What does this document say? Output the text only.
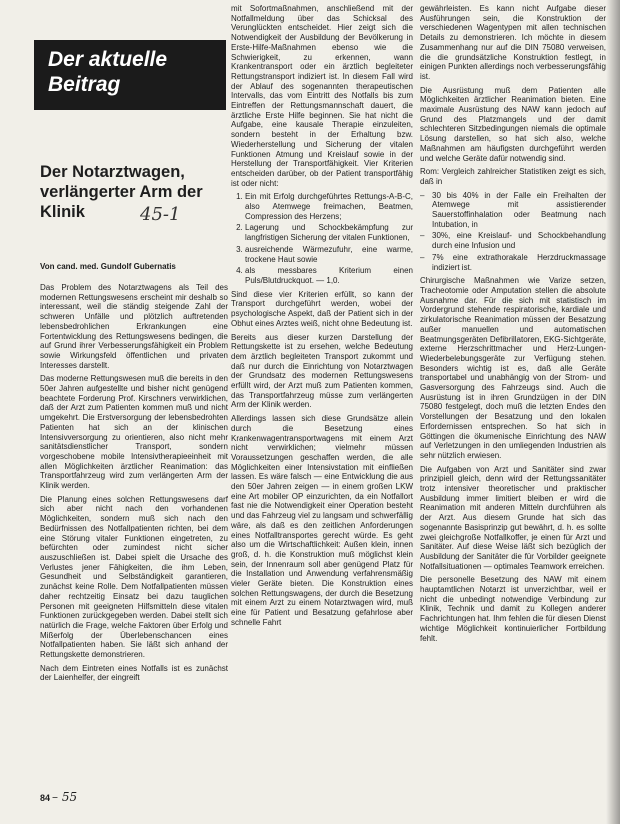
Der aktuelle
Beitrag
Der Notarztwagen, verlängerter Arm der Klinik	45-1
Von cand. med. Gundolf Gubernatis

Das Problem des Notarztwagens als Teil des modernen Rettungswesens erscheint mir deshalb so interessant, weil die ständig steigende Zahl der schweren Unfälle und plötzlich auftretenden lebensbedrohlichen Erkrankungen eine Fortentwicklung des Rettungswesens bedingen, die auf Grund ihrer Verbesserungsfähigkeit ein Problem sowie Wirkungsfeld öffentlichen und privaten Interesses darstellt.

Das moderne Rettungswesen muß die bereits in den 50er Jahren aufgestellte und bisher nicht genügend beachtete Forderung Prof. Kirschners verwirklichen, daß der Arzt zum Patienten kommen muß und nicht umgekehrt. Die Erstversorgung der lebensbedrohten Patienten hat sich an der klinischen Intensivversorgung zu orientieren, also nicht mehr sanitätsdienstlicher Transport, sondern vorgeschobene mobile Intensivtherapieeinheit mit allen Möglichkeiten ärztlicher Reanimation: das Transportfahrzeug wird zum verlängerten Arm der Klinik werden.

Die Planung eines solchen Rettungswesens darf sich aber nicht nach den vorhandenen Möglichkeiten, sondern muß sich nach den Bedürfnissen des Notfallpatienten richten, bei dem eine Störung vitaler Funktionen eingetreten, zu befürchten oder zumindest nicht sicher auszuschließen ist. Dabei spielt die Ursache des Verlustes jener Fähigkeiten, die ihm Leben, Gesundheit und Selbständigkeit garantieren, zunächst keine Rolle. Dem Notfallpatienten müssen daher rechtzeitig Einsatz bei dazu tauglichen Personen mit geeigneten Hilfsmitteln diese vitalen Funktionen zurückgegeben werden. Dabei stellt sich natürlich die Frage, welche Faktoren über Erfolg und Mißerfolg der Überlebenschancen eines Notfallpatienten haben. Sie läßt sich anhand der Rettungskette demonstrieren.

Nach dem Eintreten eines Notfalls ist es zunächst der Laienhelfer, der eingreift

mit Sofortmaßnahmen, anschließend mit der Notfallmeldung über das Schicksal des Verunglückten entscheidet. Hier zeigt sich die Notwendigkeit der Ausbildung der Bevölkerung in Erste-Hilfe-Maßnahmen ebenso wie die Schwierigkeit, zu erkennen, wann Krankentransport oder ein ärztlich begleiteter Rettungstransport indiziert ist. In diesem Fall wird der Ablauf des sogenannten therapeutischen Intervalls, das vom Eintritt des Notfalls bis zum Eintreffen der Rettungsmannschaft dauert, die ärztliche Erste Hilfe beginnen. Sie hat nicht die Aufgabe, eine kausale Therapie einzuleiten, sondern besteht in der Erhaltung bzw. Wiederherstellung und Sicherung der vitalen Funktionen Atmung und Kreislauf sowie in der Herstellung der Transportfähigkeit. Vier Kriterien entscheiden darüber, ob der Patient transportfähig ist oder nicht:

1. Ein mit Erfolg durchgeführtes Rettungs-A-B-C, also Atemwege freimachen, Beatmen, Compression des Herzens;
2. Lagerung und Schockbekämpfung zur langfristigen Sicherung der vitalen Funktionen,
3. ausreichende Wärmezufuhr, eine warme, trockene Haut sowie
4. als messbares Kriterium einen Puls/Blutdruckquot. — 1,0.

Sind diese vier Kriterien erfüllt, so kann der Transport durchgeführt werden, wobei der psychologische Aspekt, daß der Patient sich in der Obhut eines Arztes weiß, nicht ohne Bedeutung ist.

Bereits aus dieser kurzen Darstellung der Rettungskette ist zu ersehen, welche Bedeutung dem ärztlich begleiteten Transport zukommt und daß nur durch die Einrichtung von Notarztwagen der Grundsatz des modernen Rettungswesens erfüllt wird, der Arzt muß zum Patienten kommen, das Transportfahrzeug müsse zum verlängerten Arm der Klinik werden.

Allerdings lassen sich diese Grundsätze allein durch die Besetzung eines Krankenwagentransportwagens mit einem Arzt nicht verwirklichen; vielmehr müssen Voraussetzungen geschaffen werden, die alle Möglichkeiten einer Intensivstation mit einfließen lassen. Es wäre falsch — eine Entwicklung die aus den 50er Jahren zeigen — in einem großen LKW eine Art mobiler OP einzurichten, da ein Notfallort fast nie die Notwendigkeit einer Operation besteht und das Fahrzeug viel zu langsam und schwerfällig wäre, als daß es den zeitlichen Anforderungen eines Notfalltransportes gerecht würde. Es geht also um die Wirtschaftlichkeit: Außen klein, innen groß, d. h. die Konstruktion muß möglichst klein sein, der Innenraum soll aber genügend Platz für die Installation und Anwendung verfahrensmäßig vieler Geräte bieten. Die Konstruktion eines solchen Rettungswagens, der durch die Besetzung mit einem Arzt zu einem Notarztwagen wird, muß eine für Patient und Besatzung gefahrlose aber schnelle Fahrt

gewährleisten. Es kann nicht Aufgabe dieser Ausführungen sein, die Konstruktion der verschiedenen Wagentypen mit allen technischen Details zu demonstrieren. Ich möchte in diesem Zusammenhang nur auf die DIN 75080 verweisen, die die grundsätzliche Konstruktion festlegt, in einigen Punkten allerdings noch verbesserungsfähig ist.

Die Ausrüstung muß dem Patienten alle Möglichkeiten ärztlicher Reanimation bieten. Eine maximale Ausrüstung des NAW kann jedoch auf Grund des Platzmangels und der damit schlechteren Sitzbedingungen niemals die optimale Lösung darstellen, so hat sich also, welche Maßnahmen am häufigsten durchgeführt werden und welche Geräte dafür notwendig sind.

Rom: Vergleich zahlreicher Statistiken zeigt es sich, daß in

– 30 bis 40% in der Falle ein Freihalten der Atemwege mit assistierender Sauerstoffinhalation oder Beatmung nach Intubation, in
– 30%, eine Kreislauf- und Schockbehandlung durch eine Infusion und
– 7% eine extrathorakale Herzdruckmassage indiziert ist.

Chirurgische Maßnahmen wie Varize setzen, Tracheotomie oder Amputation stellen die absolute Ausnahme dar. Für die sich mit statistisch im Vordergrund stehende respiratorische, kardiale und zirkulatorische Reanimation müssen der Besatzung außer manuellen und automatischen Beatmungsgeräten Defibrillatoren, EKG-Sichtgeräte, externe Herzschrittmacher und Herz-Lungen-Wiederbelebungsgeräte zur Verfügung stehen. Besonders wichtig ist es, daß alle Geräte transportabel und unabhängig von der Strom- und Gasversorgung des Fahrzeugs sind. Auch die Ausrüstung ist in ihren Grundzügen in der DIN 75080 festgelegt, doch muß die letzten Endes den Vorstellungen der Besatzung und den lokalen Erfordernissen entsprechen. So hat sich in Göttingen die ökumenische Einrichtung des NAW auf Verletzungen in den umliegenden Industrien als sehr nützlich erwiesen.

Die Aufgaben von Arzt und Sanitäter sind zwar prinzipiell gleich, denn wird der Rettungssanitäter trotz intensiver theoretischer und praktischer Ausbildung immer limitiert bleiben er wird die Reanimation mit anderen Mitteln durchführen als der Arzt. Aus diesem Grunde hat sich das sogenannte Basisprinzip gut bewährt, d. h. es sollte zwei gleichgroße Notfallkoffer, je einen für Arzt und Sanitäter. Auf diese Weise läßt sich bezüglich der Ausbildung der Sanitäter die für Vorbilder geeignete Notfallsituationen — optimales Teamwork erreichen.

Die personelle Besetzung des NAW mit einem hauptamtlichen Notarzt ist unverzichtbar, weil er nicht die unbedingt notwendige Verbindung zur Klinik, Technik und damit zu Kollegen anderer Fachrichtungen hat. Ihm fehlen die für diesen Dienst wichtige Möglichkeit kontinuierlicher Fortbildung fehlt.

84 – 55
